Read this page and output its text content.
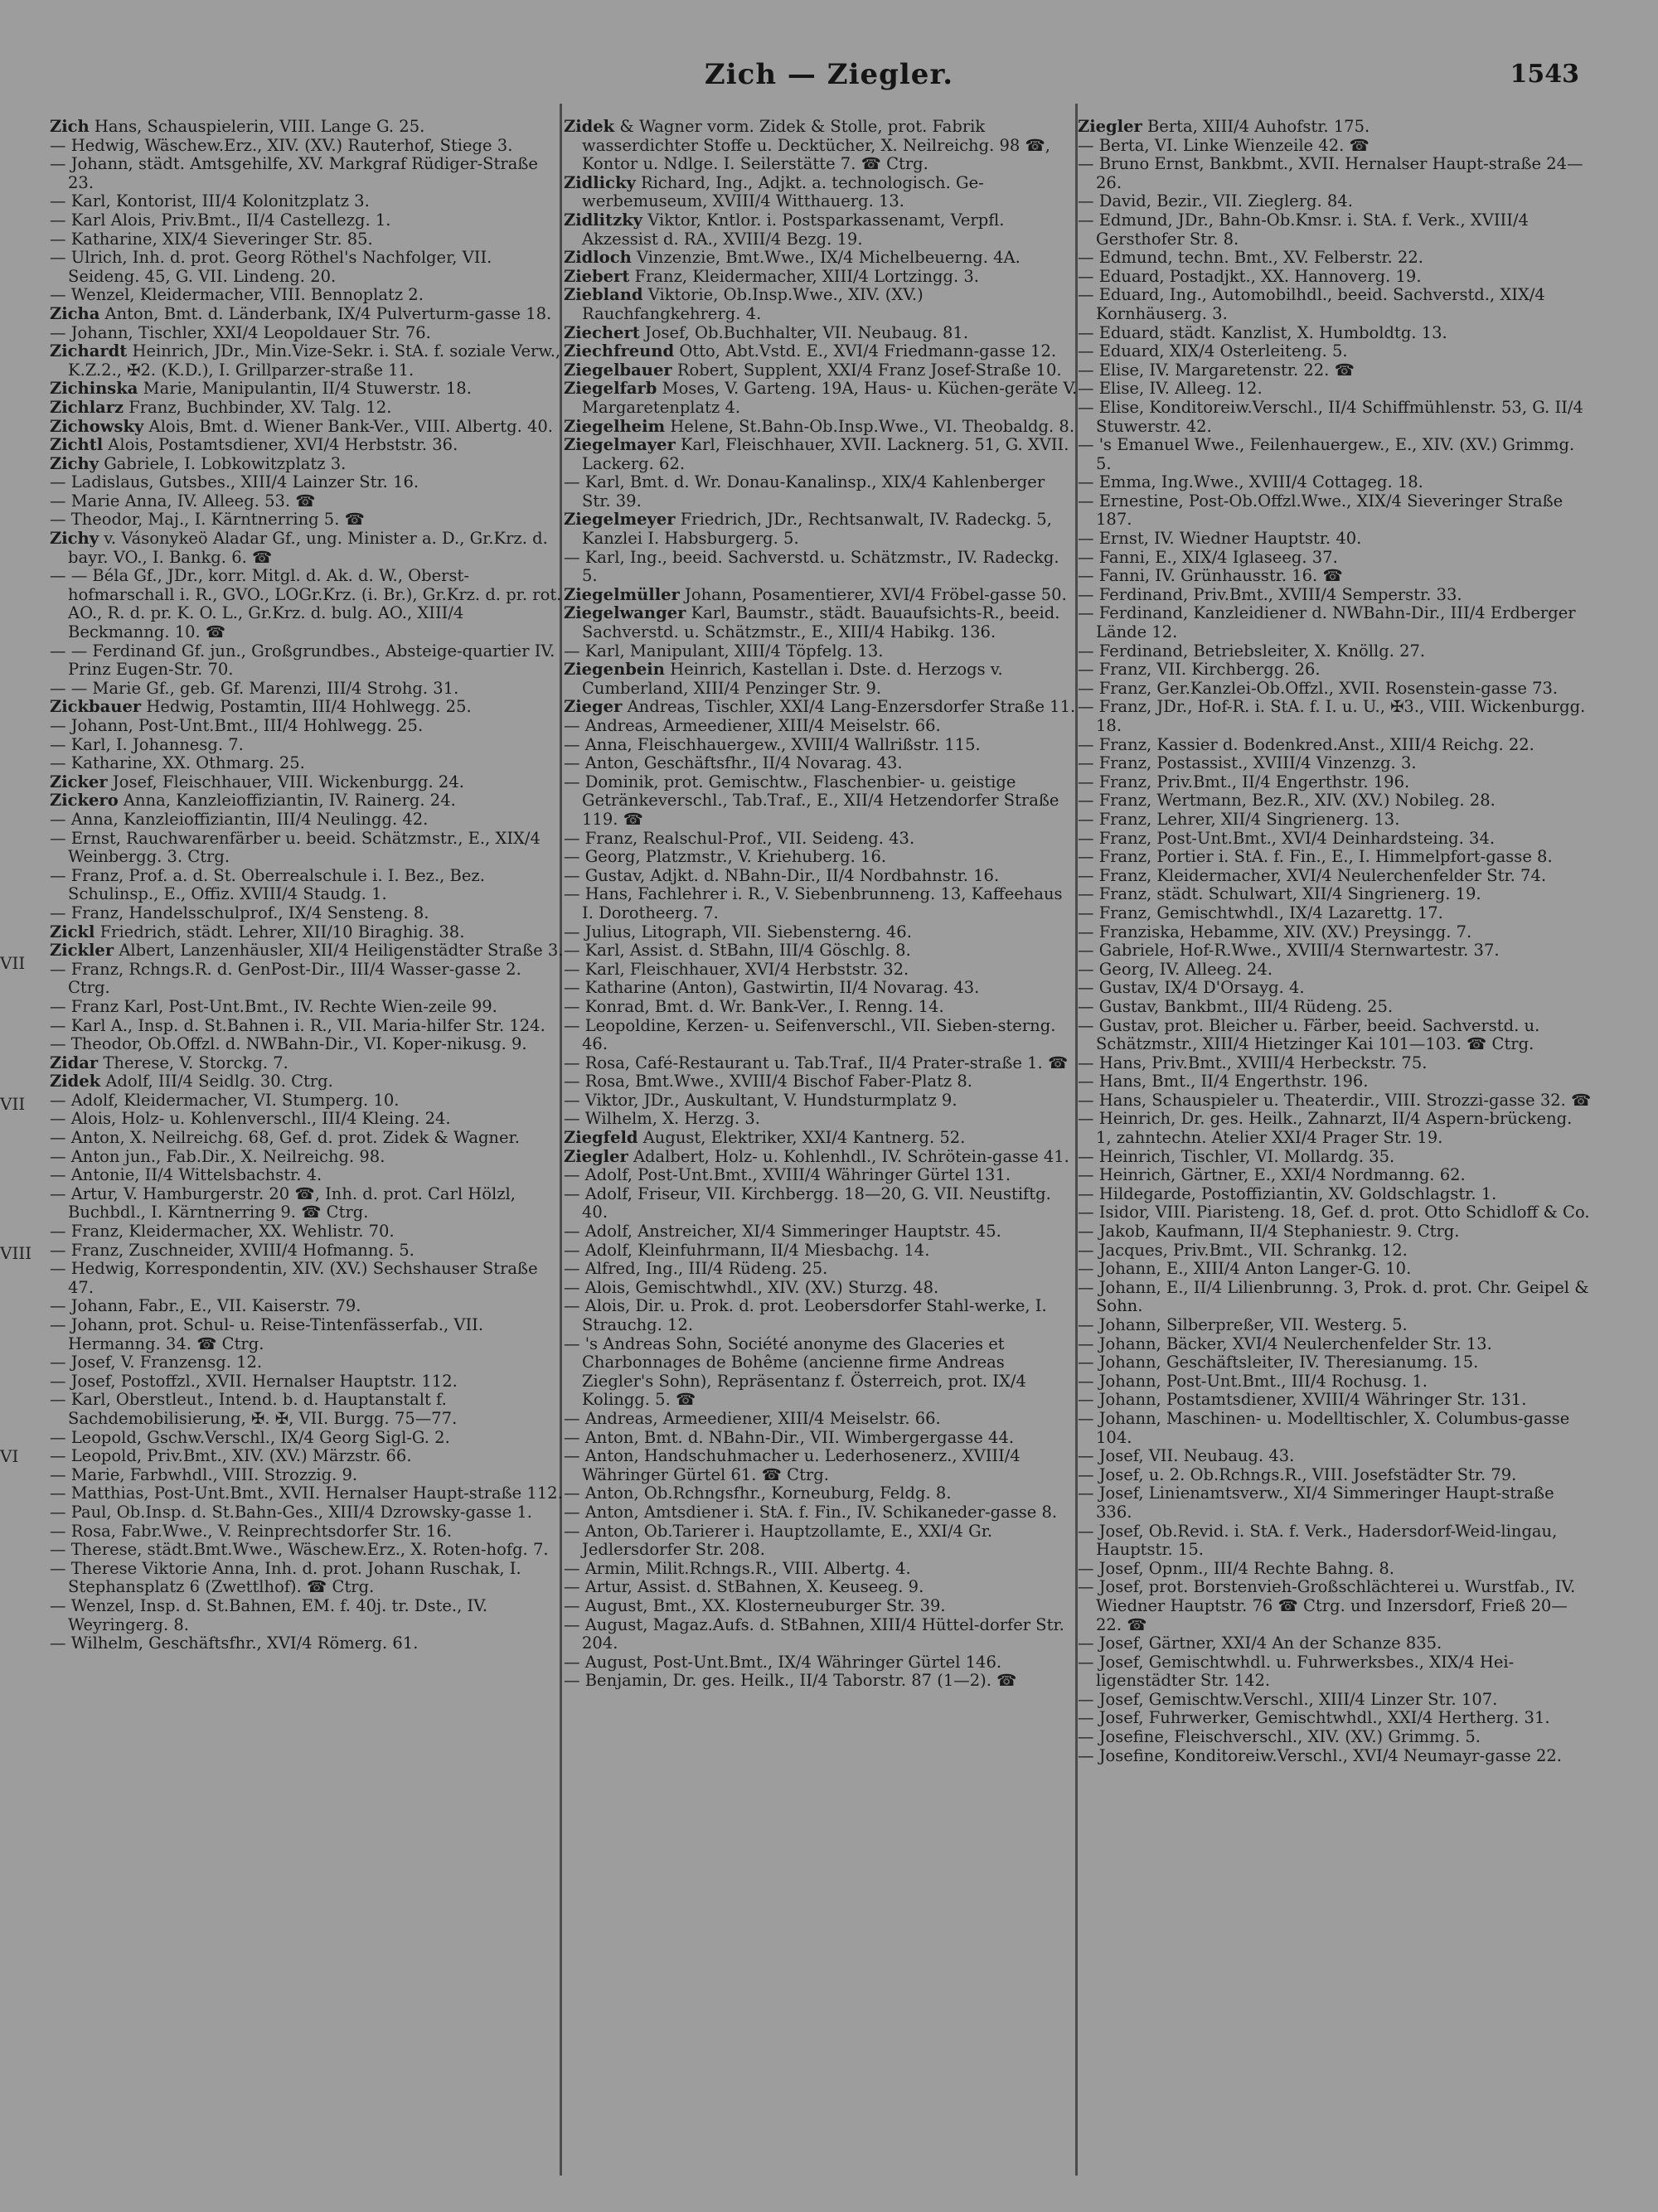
VII
VII
VIII
VI
Zich — Ziegler.	1543
Zich Hans, Schauspielerin, VIII. Lange G. 25.
— Hedwig, Wäschew.Erz., XIV. (XV.) Rauterhof, Stiege 3.
— Johann, städt. Amtsgehilfe, XV. Markgraf Rüdiger-Straße 23.
— Karl, Kontorist, III/4 Kolonitzplatz 3.
— Karl Alois, Priv.Bmt., II/4 Castellezg. 1.
— Katharine, XIX/4 Sieveringer Str. 85.
— Ulrich, Inh. d. prot. Georg Röthel's Nachfolger, VII. Seideng. 45, G. VII. Lindeng. 20.
— Wenzel, Kleidermacher, VIII. Bennoplatz 2.
Zicha Anton, Bmt. d. Länderbank, IX/4 Pulverturm-gasse 18.
— Johann, Tischler, XXI/4 Leopoldauer Str. 76.
Zichardt Heinrich, JDr., Min.Vize-Sekr. i. StA. f. soziale Verw., K.Z.2., ✠2. (K.D.), I. Grillparzer-straße 11.
Zichinska Marie, Manipulantin, II/4 Stuwerstr. 18.
Zichlarz Franz, Buchbinder, XV. Talg. 12.
Zichowsky Alois, Bmt. d. Wiener Bank-Ver., VIII. Albertg. 40.
Zichtl Alois, Postamtsdiener, XVI/4 Herbststr. 36.
Zichy Gabriele, I. Lobkowitzplatz 3.
— Ladislaus, Gutsbes., XIII/4 Lainzer Str. 16.
— Marie Anna, IV. Alleeg. 53. ☎
— Theodor, Maj., I. Kärntnerring 5. ☎
Zichy v. Vásonykeö Aladar Gf., ung. Minister a. D., Gr.Krz. d. bayr. VO., I. Bankg. 6. ☎
— — Béla Gf., JDr., korr. Mitgl. d. Ak. d. W., Oberst-hofmarschall i. R., GVO., LOGr.Krz. (i. Br.), Gr.Krz. d. pr. rot. AO., R. d. pr. K. O. L., Gr.Krz. d. bulg. AO., XIII/4 Beckmanng. 10. ☎
— — Ferdinand Gf. jun., Großgrundbes., Absteige-quartier IV. Prinz Eugen-Str. 70.
— — Marie Gf., geb. Gf. Marenzi, III/4 Strohg. 31.
Zickbauer Hedwig, Postamtin, III/4 Hohlwegg. 25.
— Johann, Post-Unt.Bmt., III/4 Hohlwegg. 25.
— Karl, I. Johannesg. 7.
— Katharine, XX. Othmarg. 25.
Zicker Josef, Fleischhauer, VIII. Wickenburgg. 24.
Zickero Anna, Kanzleioffiziantin, IV. Rainerg. 24.
— Anna, Kanzleioffiziantin, III/4 Neulingg. 42.
— Ernst, Rauchwarenfärber u. beeid. Schätzmstr., E., XIX/4 Weinbergg. 3. Ctrg.
— Franz, Prof. a. d. St. Oberrealschule i. I. Bez., Bez. Schulinsp., E., Offiz. XVIII/4 Staudg. 1.
— Franz, Handelsschulprof., IX/4 Sensteng. 8.
Zickl Friedrich, städt. Lehrer, XII/10 Biraghig. 38.
Zickler Albert, Lanzenhäusler, XII/4 Heiligenstädter Straße 3.
— Franz, Rchngs.R. d. GenPost-Dir., III/4 Wasser-gasse 2. Ctrg.
— Franz Karl, Post-Unt.Bmt., IV. Rechte Wien-zeile 99.
— Karl A., Insp. d. St.Bahnen i. R., VII. Maria-hilfer Str. 124.
— Theodor, Ob.Offzl. d. NWBahn-Dir., VI. Koper-nikusg. 9.
Zidar Therese, V. Storckg. 7.
Zidek Adolf, III/4 Seidlg. 30. Ctrg.
— Adolf, Kleidermacher, VI. Stumperg. 10.
— Alois, Holz- u. Kohlenverschl., III/4 Kleing. 24.
— Anton, X. Neilreichg. 68, Gef. d. prot. Zidek & Wagner.
— Anton jun., Fab.Dir., X. Neilreichg. 98.
— Antonie, II/4 Wittelsbachstr. 4.
— Artur, V. Hamburgerstr. 20 ☎, Inh. d. prot. Carl Hölzl, Buchbdl., I. Kärntnerring 9. ☎ Ctrg.
— Franz, Kleidermacher, XX. Wehlistr. 70.
— Franz, Zuschneider, XVIII/4 Hofmanng. 5.
— Hedwig, Korrespondentin, XIV. (XV.) Sechshauser Straße 47.
— Johann, Fabr., E., VII. Kaiserstr. 79.
— Johann, prot. Schul- u. Reise-Tintenfässerfab., VII. Hermanng. 34. ☎ Ctrg.
— Josef, V. Franzensg. 12.
— Josef, Postoffzl., XVII. Hernalser Hauptstr. 112.
— Karl, Oberstleut., Intend. b. d. Hauptanstalt f. Sachdemobilisierung, ✠. ✠, VII. Burgg. 75—77.
— Leopold, Gschw.Verschl., IX/4 Georg Sigl-G. 2.
— Leopold, Priv.Bmt., XIV. (XV.) Märzstr. 66.
— Marie, Farbwhdl., VIII. Strozzig. 9.
— Matthias, Post-Unt.Bmt., XVII. Hernalser Haupt-straße 112.
— Paul, Ob.Insp. d. St.Bahn-Ges., XIII/4 Dzrowsky-gasse 1.
— Rosa, Fabr.Wwe., V. Reinprechtsdorfer Str. 16.
— Therese, städt.Bmt.Wwe., Wäschew.Erz., X. Roten-hofg. 7.
— Therese Viktorie Anna, Inh. d. prot. Johann Ruschak, I. Stephansplatz 6 (Zwettlhof). ☎ Ctrg.
— Wenzel, Insp. d. St.Bahnen, EM. f. 40j. tr. Dste., IV. Weyringerg. 8.
— Wilhelm, Geschäftsfhr., XVI/4 Römerg. 61.
Zidek & Wagner vorm. Zidek & Stolle, prot. Fabrik wasserdichter Stoffe u. Decktücher, X. Neilreichg. 98 ☎, Kontor u. Ndlge. I. Seilerstätte 7. ☎ Ctrg.
Zidlicky Richard, Ing., Adjkt. a. technologisch. Ge-werbemuseum, XVIII/4 Witthauerg. 13.
Zidlitzky Viktor, Kntlor. i. Postsparkassenamt, Verpfl. Akzessist d. RA., XVIII/4 Bezg. 19.
Zidloch Vinzenzie, Bmt.Wwe., IX/4 Michelbeuerng. 4A.
Ziebert Franz, Kleidermacher, XIII/4 Lortzingg. 3.
Ziebland Viktorie, Ob.Insp.Wwe., XIV. (XV.) Rauchfangkehrerg. 4.
Ziechert Josef, Ob.Buchhalter, VII. Neubaug. 81.
Ziechfreund Otto, Abt.Vstd. E., XVI/4 Friedmann-gasse 12.
Ziegelbauer Robert, Supplent, XXI/4 Franz Josef-Straße 10.
Ziegelfarb Moses, V. Garteng. 19A, Haus- u. Küchen-geräte V. Margaretenplatz 4.
Ziegelheim Helene, St.Bahn-Ob.Insp.Wwe., VI. Theobaldg. 8.
Ziegelmayer Karl, Fleischhauer, XVII. Lacknerg. 51, G. XVII. Lackerg. 62.
— Karl, Bmt. d. Wr. Donau-Kanalinsp., XIX/4 Kahlenberger Str. 39.
Ziegelmeyer Friedrich, JDr., Rechtsanwalt, IV. Radeckg. 5, Kanzlei I. Habsburgerg. 5.
— Karl, Ing., beeid. Sachverstd. u. Schätzmstr., IV. Radeckg. 5.
Ziegelmüller Johann, Posamentierer, XVI/4 Fröbel-gasse 50.
Ziegelwanger Karl, Baumstr., städt. Bauaufsichts-R., beeid. Sachverstd. u. Schätzmstr., E., XIII/4 Habikg. 136.
— Karl, Manipulant, XIII/4 Töpfelg. 13.
Ziegenbein Heinrich, Kastellan i. Dste. d. Herzogs v. Cumberland, XIII/4 Penzinger Str. 9.
Zieger Andreas, Tischler, XXI/4 Lang-Enzersdorfer Straße 11.
— Andreas, Armeediener, XIII/4 Meiselstr. 66.
— Anna, Fleischhauergew., XVIII/4 Wallrißstr. 115.
— Anton, Geschäftsfhr., II/4 Novarag. 43.
— Dominik, prot. Gemischtw., Flaschenbier- u. geistige Getränkeverschl., Tab.Traf., E., XII/4 Hetzendorfer Straße 119. ☎
— Franz, Realschul-Prof., VII. Seideng. 43.
— Georg, Platzmstr., V. Kriehuberg. 16.
— Gustav, Adjkt. d. NBahn-Dir., II/4 Nordbahnstr. 16.
— Hans, Fachlehrer i. R., V. Siebenbrunneng. 13, Kaffeehaus I. Dorotheerg. 7.
— Julius, Litograph, VII. Siebensterng. 46.
— Karl, Assist. d. StBahn, III/4 Göschlg. 8.
— Karl, Fleischhauer, XVI/4 Herbststr. 32.
— Katharine (Anton), Gastwirtin, II/4 Novarag. 43.
— Konrad, Bmt. d. Wr. Bank-Ver., I. Renng. 14.
— Leopoldine, Kerzen- u. Seifenverschl., VII. Sieben-sterng. 46.
— Rosa, Café-Restaurant u. Tab.Traf., II/4 Prater-straße 1. ☎
— Rosa, Bmt.Wwe., XVIII/4 Bischof Faber-Platz 8.
— Viktor, JDr., Auskultant, V. Hundsturmplatz 9.
— Wilhelm, X. Herzg. 3.
Ziegfeld August, Elektriker, XXI/4 Kantnerg. 52.
Ziegler Adalbert, Holz- u. Kohlenhdl., IV. Schrötein-gasse 41.
— Adolf, Post-Unt.Bmt., XVIII/4 Währinger Gürtel 131.
— Adolf, Friseur, VII. Kirchbergg. 18—20, G. VII. Neustiftg. 40.
— Adolf, Anstreicher, XI/4 Simmeringer Hauptstr. 45.
— Adolf, Kleinfuhrmann, II/4 Miesbachg. 14.
— Alfred, Ing., III/4 Rüdeng. 25.
— Alois, Gemischtwhdl., XIV. (XV.) Sturzg. 48.
— Alois, Dir. u. Prok. d. prot. Leobersdorfer Stahl-werke, I. Strauchg. 12.
— 's Andreas Sohn, Société anonyme des Glaceries et Charbonnages de Bohême (ancienne firme Andreas Ziegler's Sohn), Repräsentanz f. Österreich, prot. IX/4 Kolingg. 5. ☎
— Andreas, Armeediener, XIII/4 Meiselstr. 66.
— Anton, Bmt. d. NBahn-Dir., VII. Wimbergergasse 44.
— Anton, Handschuhmacher u. Lederhosenerz., XVIII/4 Währinger Gürtel 61. ☎ Ctrg.
— Anton, Ob.Rchngsfhr., Korneuburg, Feldg. 8.
— Anton, Amtsdiener i. StA. f. Fin., IV. Schikaneder-gasse 8.
— Anton, Ob.Tarierer i. Hauptzollamte, E., XXI/4 Gr. Jedlersdorfer Str. 208.
— Armin, Milit.Rchngs.R., VIII. Albertg. 4.
— Artur, Assist. d. StBahnen, X. Keuseeg. 9.
— August, Bmt., XX. Klosterneuburger Str. 39.
— August, Magaz.Aufs. d. StBahnen, XIII/4 Hüttel-dorfer Str. 204.
— August, Post-Unt.Bmt., IX/4 Währinger Gürtel 146.
— Benjamin, Dr. ges. Heilk., II/4 Taborstr. 87 (1—2). ☎
Ziegler Berta, XIII/4 Auhofstr. 175.
— Berta, VI. Linke Wienzeile 42. ☎
— Bruno Ernst, Bankbmt., XVII. Hernalser Haupt-straße 24—26.
— David, Bezir., VII. Zieglerg. 84.
— Edmund, JDr., Bahn-Ob.Kmsr. i. StA. f. Verk., XVIII/4 Gersthofer Str. 8.
— Edmund, techn. Bmt., XV. Felberstr. 22.
— Eduard, Postadjkt., XX. Hannoverg. 19.
— Eduard, Ing., Automobilhdl., beeid. Sachverstd., XIX/4 Kornhäuserg. 3.
— Eduard, städt. Kanzlist, X. Humboldtg. 13.
— Eduard, XIX/4 Osterleiteng. 5.
— Elise, IV. Margaretenstr. 22. ☎
— Elise, IV. Alleeg. 12.
— Elise, Konditoreiw.Verschl., II/4 Schiffmühlenstr. 53, G. II/4 Stuwerstr. 42.
— 's Emanuel Wwe., Feilenhauergew., E., XIV. (XV.) Grimmg. 5.
— Emma, Ing.Wwe., XVIII/4 Cottageg. 18.
— Ernestine, Post-Ob.Offzl.Wwe., XIX/4 Sieveringer Straße 187.
— Ernst, IV. Wiedner Hauptstr. 40.
— Fanni, E., XIX/4 Iglaseeg. 37.
— Fanni, IV. Grünhausstr. 16. ☎
— Ferdinand, Priv.Bmt., XVIII/4 Semperstr. 33.
— Ferdinand, Kanzleidiener d. NWBahn-Dir., III/4 Erdberger Lände 12.
— Ferdinand, Betriebsleiter, X. Knöllg. 27.
— Franz, VII. Kirchbergg. 26.
— Franz, Ger.Kanzlei-Ob.Offzl., XVII. Rosenstein-gasse 73.
— Franz, JDr., Hof-R. i. StA. f. I. u. U., ✠3., VIII. Wickenburgg. 18.
— Franz, Kassier d. Bodenkred.Anst., XIII/4 Reichg. 22.
— Franz, Postassist., XVIII/4 Vinzenzg. 3.
— Franz, Priv.Bmt., II/4 Engerthstr. 196.
— Franz, Wertmann, Bez.R., XIV. (XV.) Nobileg. 28.
— Franz, Lehrer, XII/4 Singrienerg. 13.
— Franz, Post-Unt.Bmt., XVI/4 Deinhardsteing. 34.
— Franz, Portier i. StA. f. Fin., E., I. Himmelpfort-gasse 8.
— Franz, Kleidermacher, XVI/4 Neulerchenfelder Str. 74.
— Franz, städt. Schulwart, XII/4 Singrienerg. 19.
— Franz, Gemischtwhdl., IX/4 Lazarettg. 17.
— Franziska, Hebamme, XIV. (XV.) Preysingg. 7.
— Gabriele, Hof-R.Wwe., XVIII/4 Sternwartestr. 37.
— Georg, IV. Alleeg. 24.
— Gustav, IX/4 D'Orsayg. 4.
— Gustav, Bankbmt., III/4 Rüdeng. 25.
— Gustav, prot. Bleicher u. Färber, beeid. Sachverstd. u. Schätzmstr., XIII/4 Hietzinger Kai 101—103. ☎ Ctrg.
— Hans, Priv.Bmt., XVIII/4 Herbeckstr. 75.
— Hans, Bmt., II/4 Engerthstr. 196.
— Hans, Schauspieler u. Theaterdir., VIII. Strozzi-gasse 32. ☎
— Heinrich, Dr. ges. Heilk., Zahnarzt, II/4 Aspern-brückeng. 1, zahntechn. Atelier XXI/4 Prager Str. 19.
— Heinrich, Tischler, VI. Mollardg. 35.
— Heinrich, Gärtner, E., XXI/4 Nordmanng. 62.
— Hildegarde, Postoffiziantin, XV. Goldschlagstr. 1.
— Isidor, VIII. Piaristeng. 18, Gef. d. prot. Otto Schidloff & Co.
— Jakob, Kaufmann, II/4 Stephaniestr. 9. Ctrg.
— Jacques, Priv.Bmt., VII. Schrankg. 12.
— Johann, E., XIII/4 Anton Langer-G. 10.
— Johann, E., II/4 Lilienbrunng. 3, Prok. d. prot. Chr. Geipel & Sohn.
— Johann, Silberpreßer, VII. Westerg. 5.
— Johann, Bäcker, XVI/4 Neulerchenfelder Str. 13.
— Johann, Geschäftsleiter, IV. Theresianumg. 15.
— Johann, Post-Unt.Bmt., III/4 Rochusg. 1.
— Johann, Postamtsdiener, XVIII/4 Währinger Str. 131.
— Johann, Maschinen- u. Modelltischler, X. Columbus-gasse 104.
— Josef, VII. Neubaug. 43.
— Josef, u. 2. Ob.Rchngs.R., VIII. Josefstädter Str. 79.
— Josef, Linienamtsverw., XI/4 Simmeringer Haupt-straße 336.
— Josef, Ob.Revid. i. StA. f. Verk., Hadersdorf-Weid-lingau, Hauptstr. 15.
— Josef, Opnm., III/4 Rechte Bahng. 8.
— Josef, prot. Borstenvieh-Großschlächterei u. Wurstfab., IV. Wiedner Hauptstr. 76 ☎ Ctrg. und Inzersdorf, Frieß 20—22. ☎
— Josef, Gärtner, XXI/4 An der Schanze 835.
— Josef, Gemischtwhdl. u. Fuhrwerksbes., XIX/4 Hei-ligenstädter Str. 142.
— Josef, Gemischtw.Verschl., XIII/4 Linzer Str. 107.
— Josef, Fuhrwerker, Gemischtwhdl., XXI/4 Hertherg. 31.
— Josefine, Fleischverschl., XIV. (XV.) Grimmg. 5.
— Josefine, Konditoreiw.Verschl., XVI/4 Neumayr-gasse 22.
